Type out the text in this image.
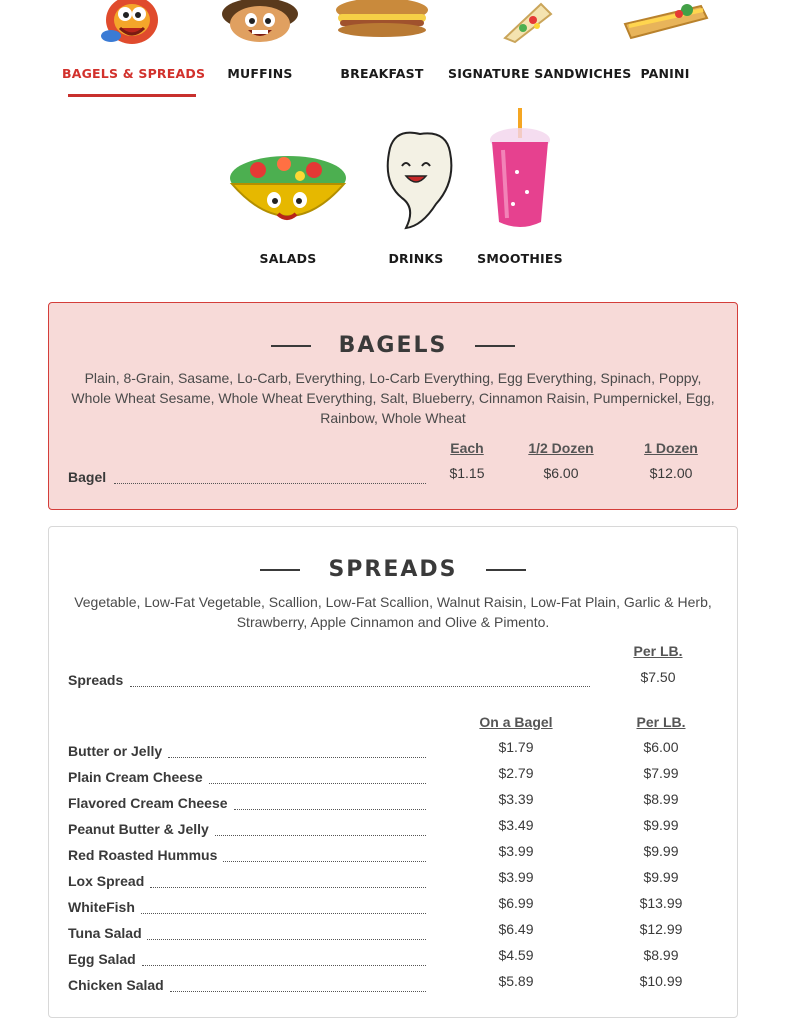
BAGELS & SPREADS	MUFFINS	BREAKFAST	SIGNATURE SANDWICHES PANINI
SALADS	DRINKS	SMOOTHIES
BAGELS
Plain, 8-Grain, Sasame, Lo-Carb, Everything, Lo-Carb Everything, Egg Everything, Spinach, Poppy, Whole Wheat Sesame, Whole Wheat Everything, Salt, Blueberry, Cinnamon Raisin, Pumpernickel, Egg, Rainbow, Whole Wheat
Each	1/2 Dozen	1 Dozen
Bagel	$1.15	$6.00	$12.00
SPREADS
Vegetable, Low-Fat Vegetable, Scallion, Low-Fat Scallion, Walnut Raisin, Low-Fat Plain, Garlic & Herb, Strawberry, Apple Cinnamon and Olive & Pimento.
Per LB.
Spreads	$7.50
On a Bagel	Per LB.
Butter or Jelly	$1.79	$6.00
Plain Cream Cheese	$2.79	$7.99
Flavored Cream Cheese	$3.39	$8.99
Peanut Butter & Jelly	$3.49	$9.99
Red Roasted Hummus	$3.99	$9.99
Lox Spread	$3.99	$9.99
WhiteFish	$6.99	$13.99
Tuna Salad	$6.49	$12.99
Egg Salad	$4.59	$8.99
Chicken Salad	$5.89	$10.99
